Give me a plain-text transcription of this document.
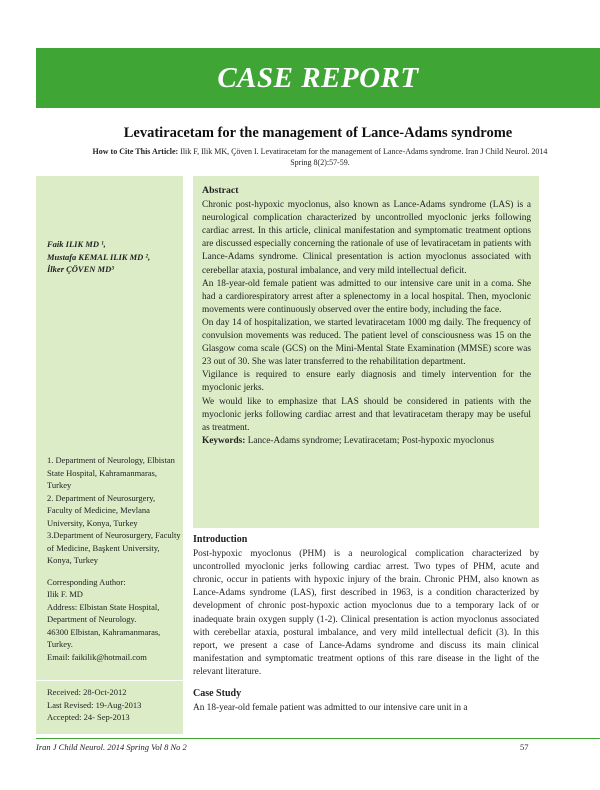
CASE REPORT
Levatiracetam for the management of Lance-Adams syndrome
How to Cite This Article: Ilik F, Ilik MK, Çöven I. Levatiracetam for the management of Lance-Adams syndrome. Iran J Child Neurol. 2014 Spring 8(2):57-59.
Faik ILIK MD ¹,
Mustafa KEMAL ILIK MD ²,
İlker ÇÖVEN MD³
1. Department of Neurology, Elbistan State Hospital, Kahramanmaras, Turkey
2. Department of Neurosurgery, Faculty of Medicine, Mevlana University, Konya, Turkey
3.Department of Neurosurgery, Faculty of Medicine, Başkent University, Konya, Turkey
Corresponding Author:
Ilik F. MD
Address: Elbistan State Hospital, Department of Neurology.
46300 Elbistan, Kahramanmaras, Turkey.
Email: faikilik@hotmail.com
Received: 28-Oct-2012
Last Revised: 19-Aug-2013
Accepted: 24- Sep-2013
Abstract

Chronic post-hypoxic myoclonus, also known as Lance-Adams syndrome (LAS) is a neurological complication characterized by uncontrolled myoclonic jerks following cardiac arrest. In this article, clinical manifestation and symptomatic treatment options are discussed especially concerning the rationale of use of levatiracetam in patients with Lance-Adams syndrome. Clinical presentation is action myoclonus associated with cerebellar ataxia, postural imbalance, and very mild intellectual deficit.

An 18-year-old female patient was admitted to our intensive care unit in a coma. She had a cardiorespiratory arrest after a splenectomy in a local hospital. Then, myoclonic movements were continuously observed over the entire body, including the face.

On day 14 of hospitalization, we started levatiracetam 1000 mg daily. The frequency of convulsion movements was reduced. The patient level of consciousness was 15 on the Glasgow coma scale (GCS) on the Mini-Mental State Examination (MMSE) score was 23 out of 30. She was later transferred to the rehabilitation department.

Vigilance is required to ensure early diagnosis and timely intervention for the myoclonic jerks.

We would like to emphasize that LAS should be considered in patients with the myoclonic jerks following cardiac arrest and that levatiracetam therapy may be useful as treatment.

Keywords: Lance-Adams syndrome; Levatiracetam; Post-hypoxic myoclonus

Introduction

Post-hypoxic myoclonus (PHM) is a neurological complication characterized by uncontrolled myoclonic jerks following cardiac arrest. Two types of PHM, acute and chronic, occur in patients with hypoxic injury of the brain. Chronic PHM, also known as Lance-Adams syndrome (LAS), first described in 1963, is a condition characterized by development of chronic post-hypoxic action myoclonus due to a temporary lack of or inadequate brain oxygen supply (1-2). Clinical presentation is action myoclonus associated with cerebellar ataxia, postural imbalance, and very mild intellectual deficit (3). In this report, we present a case of Lance-Adams syndrome and discuss its main clinical manifestation and symptomatic treatment options of this rare disease in the light of the relevant literature.

Case Study

An 18-year-old female patient was admitted to our intensive care unit in a

Iran J Child Neurol. 2014 Spring Vol 8 No 2	57
